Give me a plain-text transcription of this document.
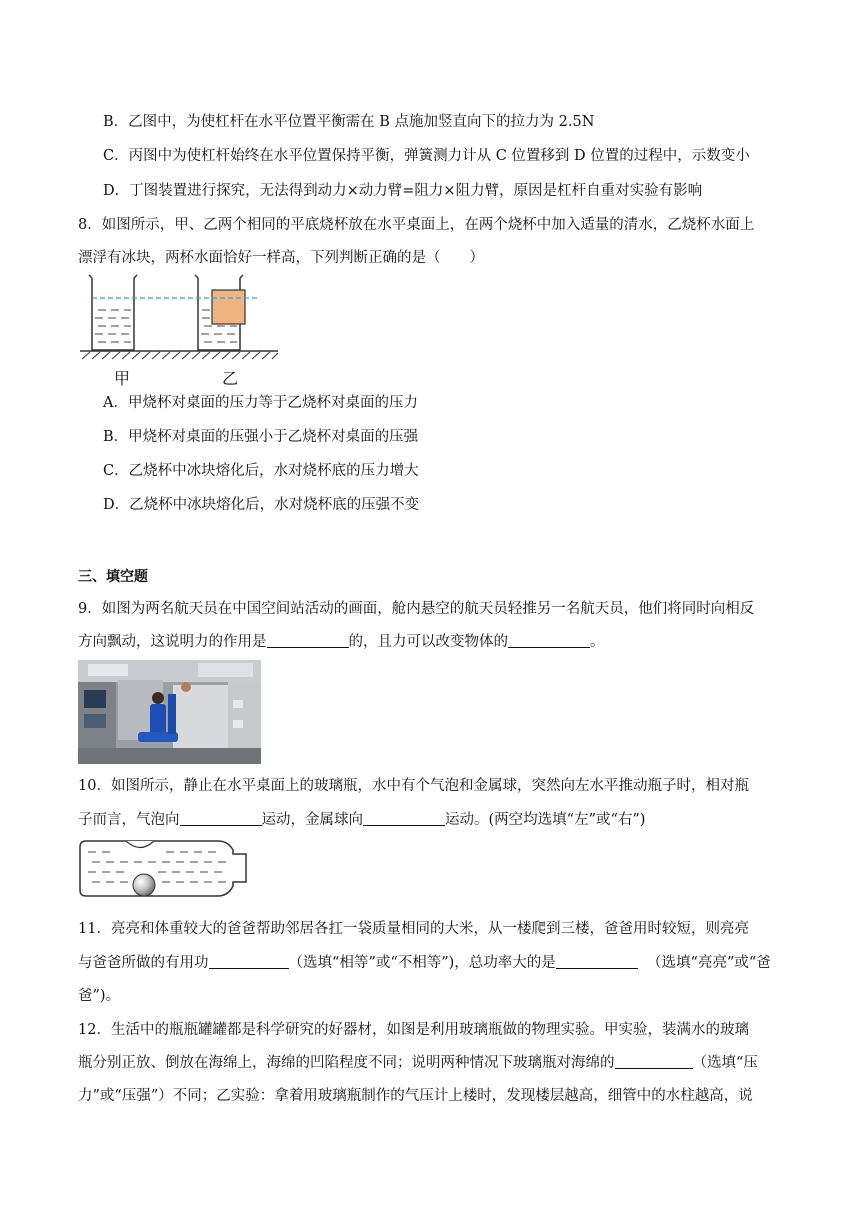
B．乙图中，为使杠杆在水平位置平衡需在 B 点施加竖直向下的拉力为 2.5N
C．丙图中为使杠杆始终在水平位置保持平衡，弹簧测力计从 C 位置移到 D 位置的过程中，示数变小
D．丁图装置进行探究，无法得到动力×动力臂=阻力×阻力臂，原因是杠杆自重对实验有影响
8．如图所示，甲、乙两个相同的平底烧杯放在水平桌面上，在两个烧杯中加入适量的清水，乙烧杯水面上
漂浮有冰块，两杯水面恰好一样高，下列判断正确的是（　　）
甲	乙
A．甲烧杯对桌面的压力等于乙烧杯对桌面的压力
B．甲烧杯对桌面的压强小于乙烧杯对桌面的压强
C．乙烧杯中冰块熔化后，水对烧杯底的压力增大
D．乙烧杯中冰块熔化后，水对烧杯底的压强不变
三、填空题
9．如图为两名航天员在中国空间站活动的画面，舱内悬空的航天员轻推另一名航天员，他们将同时向相反
方向飘动，这说明力的作用是	的，且力可以改变物体的	。
10．如图所示，静止在水平桌面上的玻璃瓶，水中有个气泡和金属球，突然向左水平推动瓶子时，相对瓶
子而言，气泡向	运动，金属球向	运动。(两空均选填“左”或“右”)
11．亮亮和体重较大的爸爸帮助邻居各扛一袋质量相同的大米，从一楼爬到三楼，爸爸用时较短，则亮亮
与爸爸所做的有用功	（选填“相等”或“不相等”)，总功率大的是	（选填“亮亮”或“爸
爸”)。
12．生活中的瓶瓶罐罐都是科学研究的好器材，如图是利用玻璃瓶做的物理实验。甲实验，装满水的玻璃
瓶分别正放、倒放在海绵上，海绵的凹陷程度不同；说明两种情况下玻璃瓶对海绵的	（选填“压
力”或“压强”）不同；乙实验：拿着用玻璃瓶制作的气压计上楼时，发现楼层越高，细管中的水柱越高，说
